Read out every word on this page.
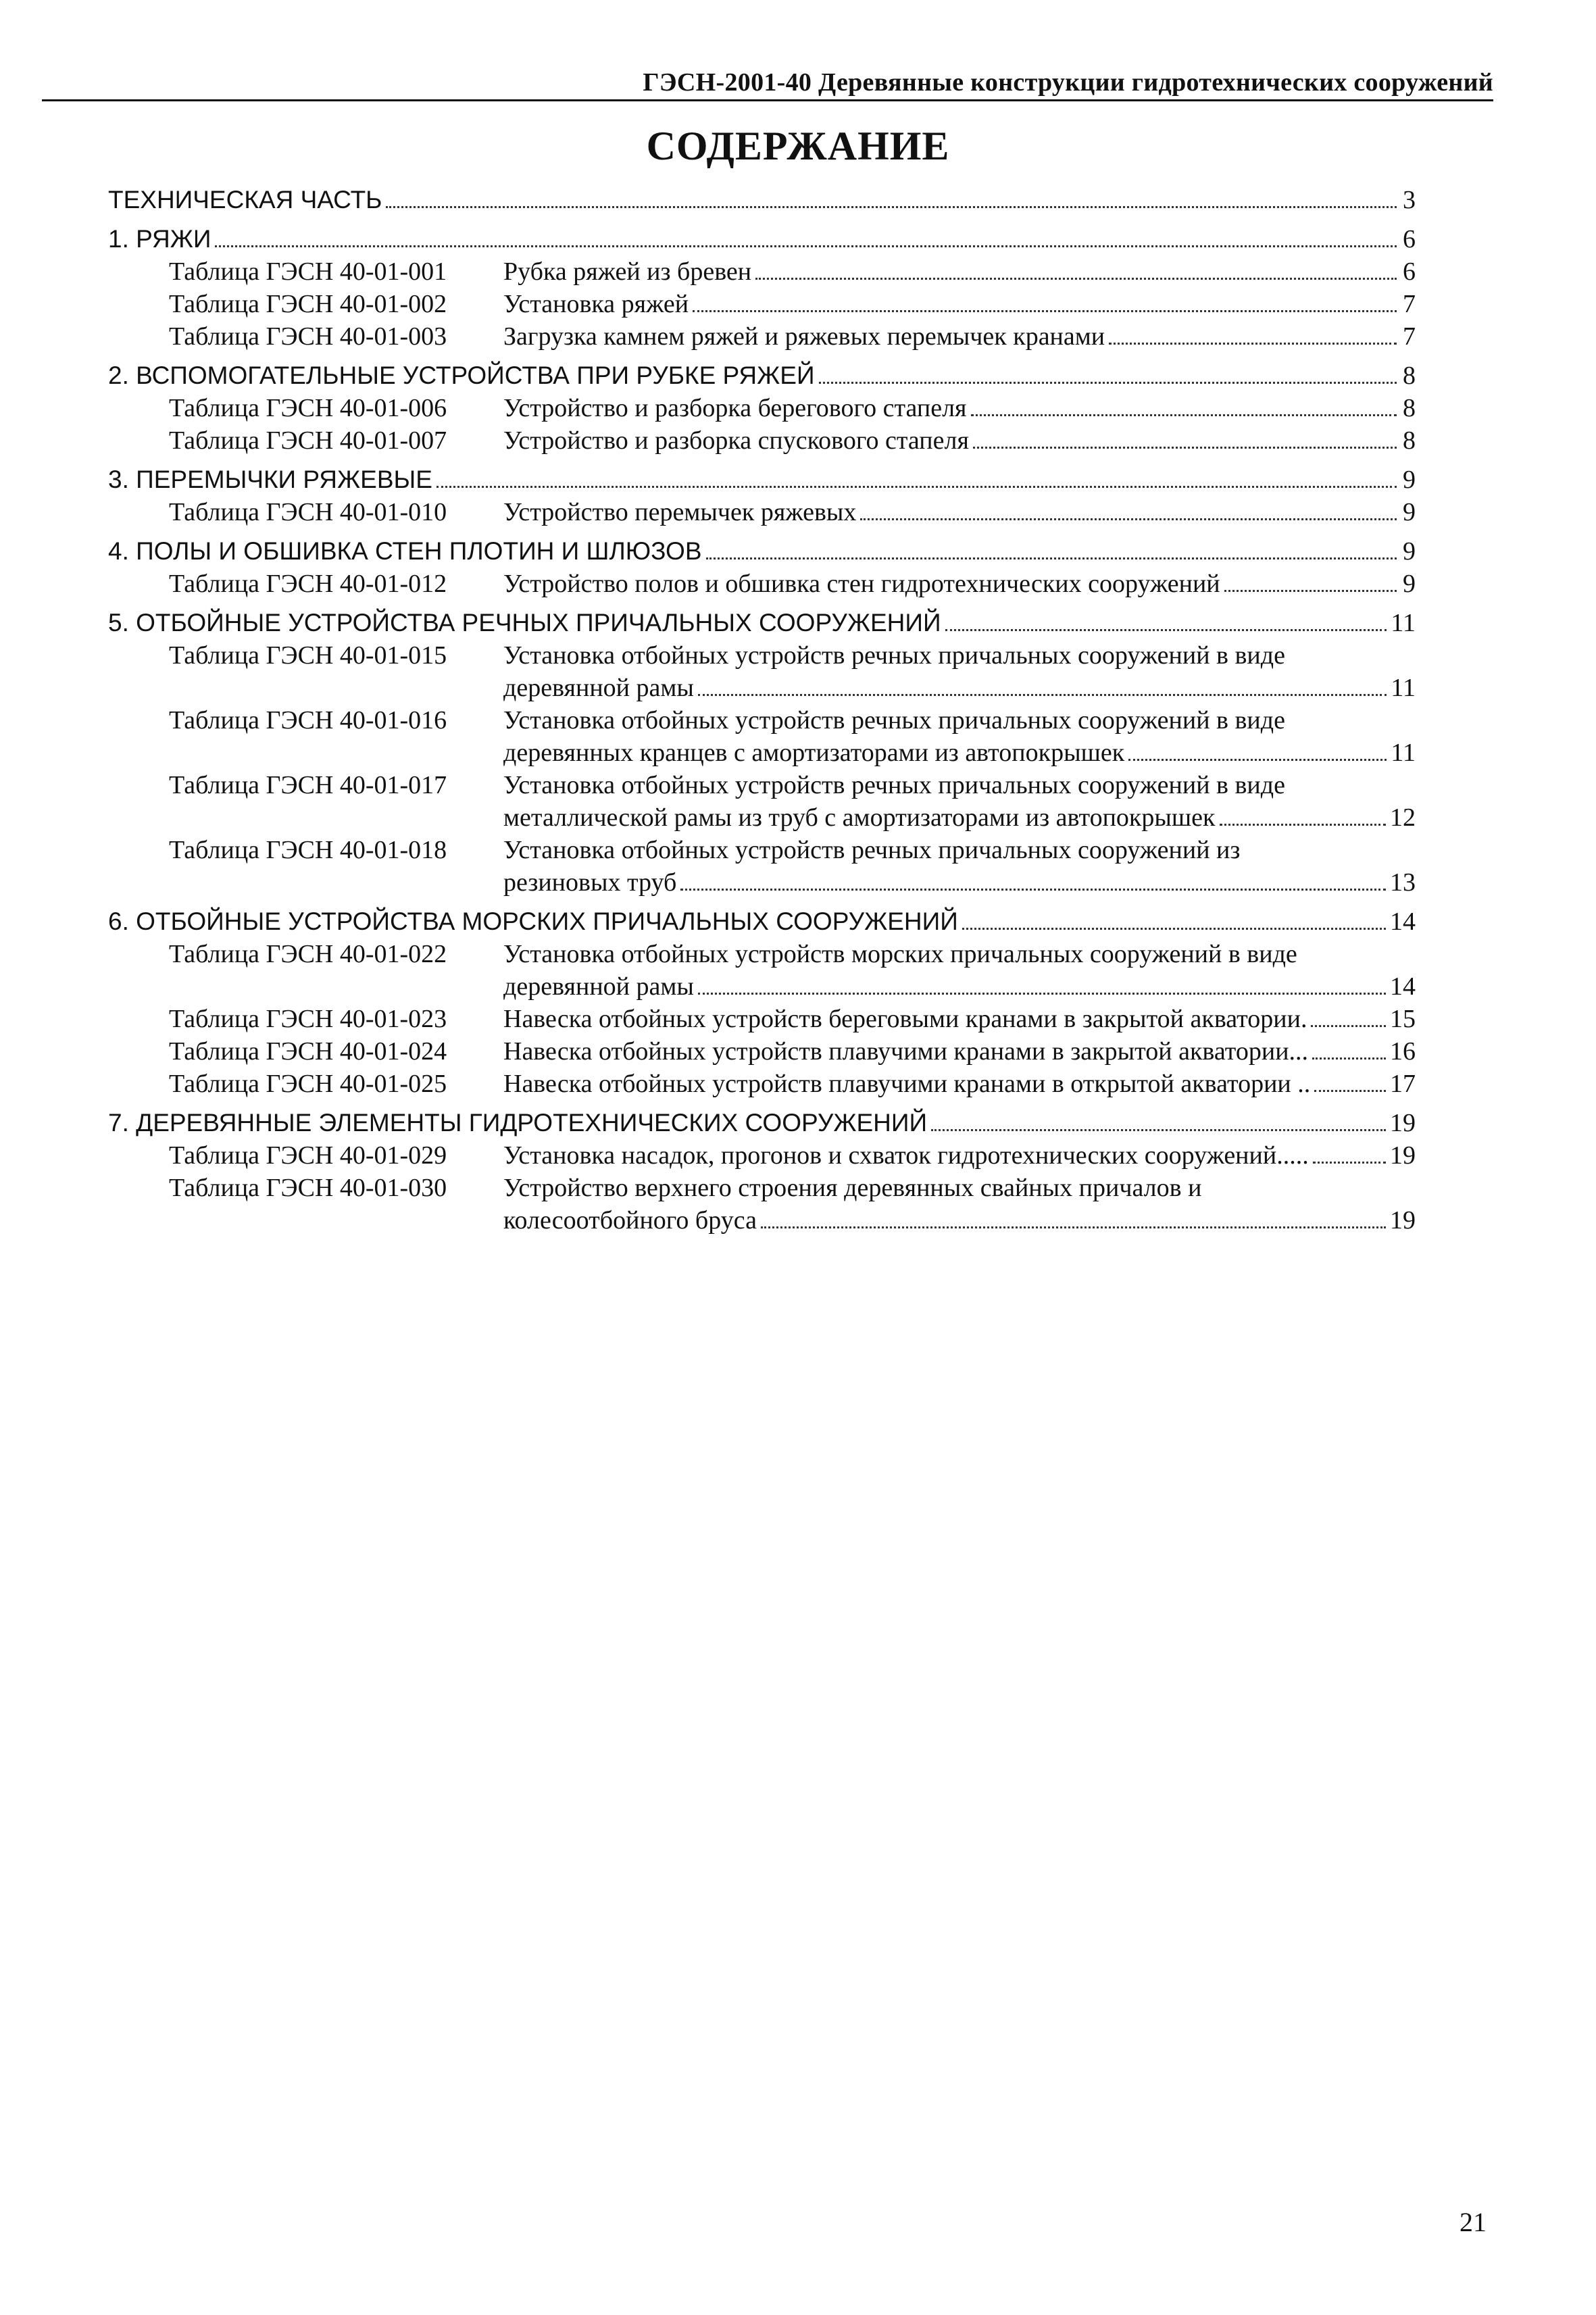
ГЭСН-2001-40 Деревянные конструкции гидротехнических сооружений
СОДЕРЖАНИЕ
ТЕХНИЧЕСКАЯ ЧАСТЬ	3
1. РЯЖИ	6
Таблица ГЭСН 40-01-001	Рубка ряжей из бревен	6
Таблица ГЭСН 40-01-002	Установка ряжей	7
Таблица ГЭСН 40-01-003	Загрузка камнем ряжей и ряжевых перемычек кранами	7
2. ВСПОМОГАТЕЛЬНЫЕ УСТРОЙСТВА ПРИ РУБКЕ РЯЖЕЙ	8
Таблица ГЭСН 40-01-006	Устройство и разборка берегового стапеля	8
Таблица ГЭСН 40-01-007	Устройство и разборка спускового стапеля	8
3. ПЕРЕМЫЧКИ РЯЖЕВЫЕ	9
Таблица ГЭСН 40-01-010	Устройство перемычек ряжевых	9
4. ПОЛЫ И ОБШИВКА СТЕН ПЛОТИН И ШЛЮЗОВ	9
Таблица ГЭСН 40-01-012	Устройство полов и обшивка стен гидротехнических сооружений	9
5. ОТБОЙНЫЕ УСТРОЙСТВА РЕЧНЫХ ПРИЧАЛЬНЫХ СООРУЖЕНИЙ	11
Таблица ГЭСН 40-01-015	Установка отбойных устройств речных причальных сооружений в виде
деревянной рамы	11
Таблица ГЭСН 40-01-016	Установка отбойных устройств речных причальных сооружений в виде
деревянных кранцев с амортизаторами из автопокрышек	11
Таблица ГЭСН 40-01-017	Установка отбойных устройств речных причальных сооружений в виде
металлической рамы из труб с амортизаторами из автопокрышек	12
Таблица ГЭСН 40-01-018	Установка отбойных устройств речных причальных сооружений из
резиновых труб	13
6. ОТБОЙНЫЕ УСТРОЙСТВА МОРСКИХ ПРИЧАЛЬНЫХ СООРУЖЕНИЙ	14
Таблица ГЭСН 40-01-022	Установка отбойных устройств морских причальных сооружений в виде
деревянной рамы	14
Таблица ГЭСН 40-01-023	Навеска отбойных устройств береговыми кранами в закрытой акватории.	15
Таблица ГЭСН 40-01-024	Навеска отбойных устройств плавучими кранами в закрытой акватории...	16
Таблица ГЭСН 40-01-025	Навеска отбойных устройств плавучими кранами в открытой акватории ..	17
7. ДЕРЕВЯННЫЕ ЭЛЕМЕНТЫ ГИДРОТЕХНИЧЕСКИХ СООРУЖЕНИЙ	19
Таблица ГЭСН 40-01-029	Установка насадок, прогонов и схваток гидротехнических сооружений.....	19
Таблица ГЭСН 40-01-030	Устройство верхнего строения деревянных свайных причалов и
колесоотбойного бруса	19
21
